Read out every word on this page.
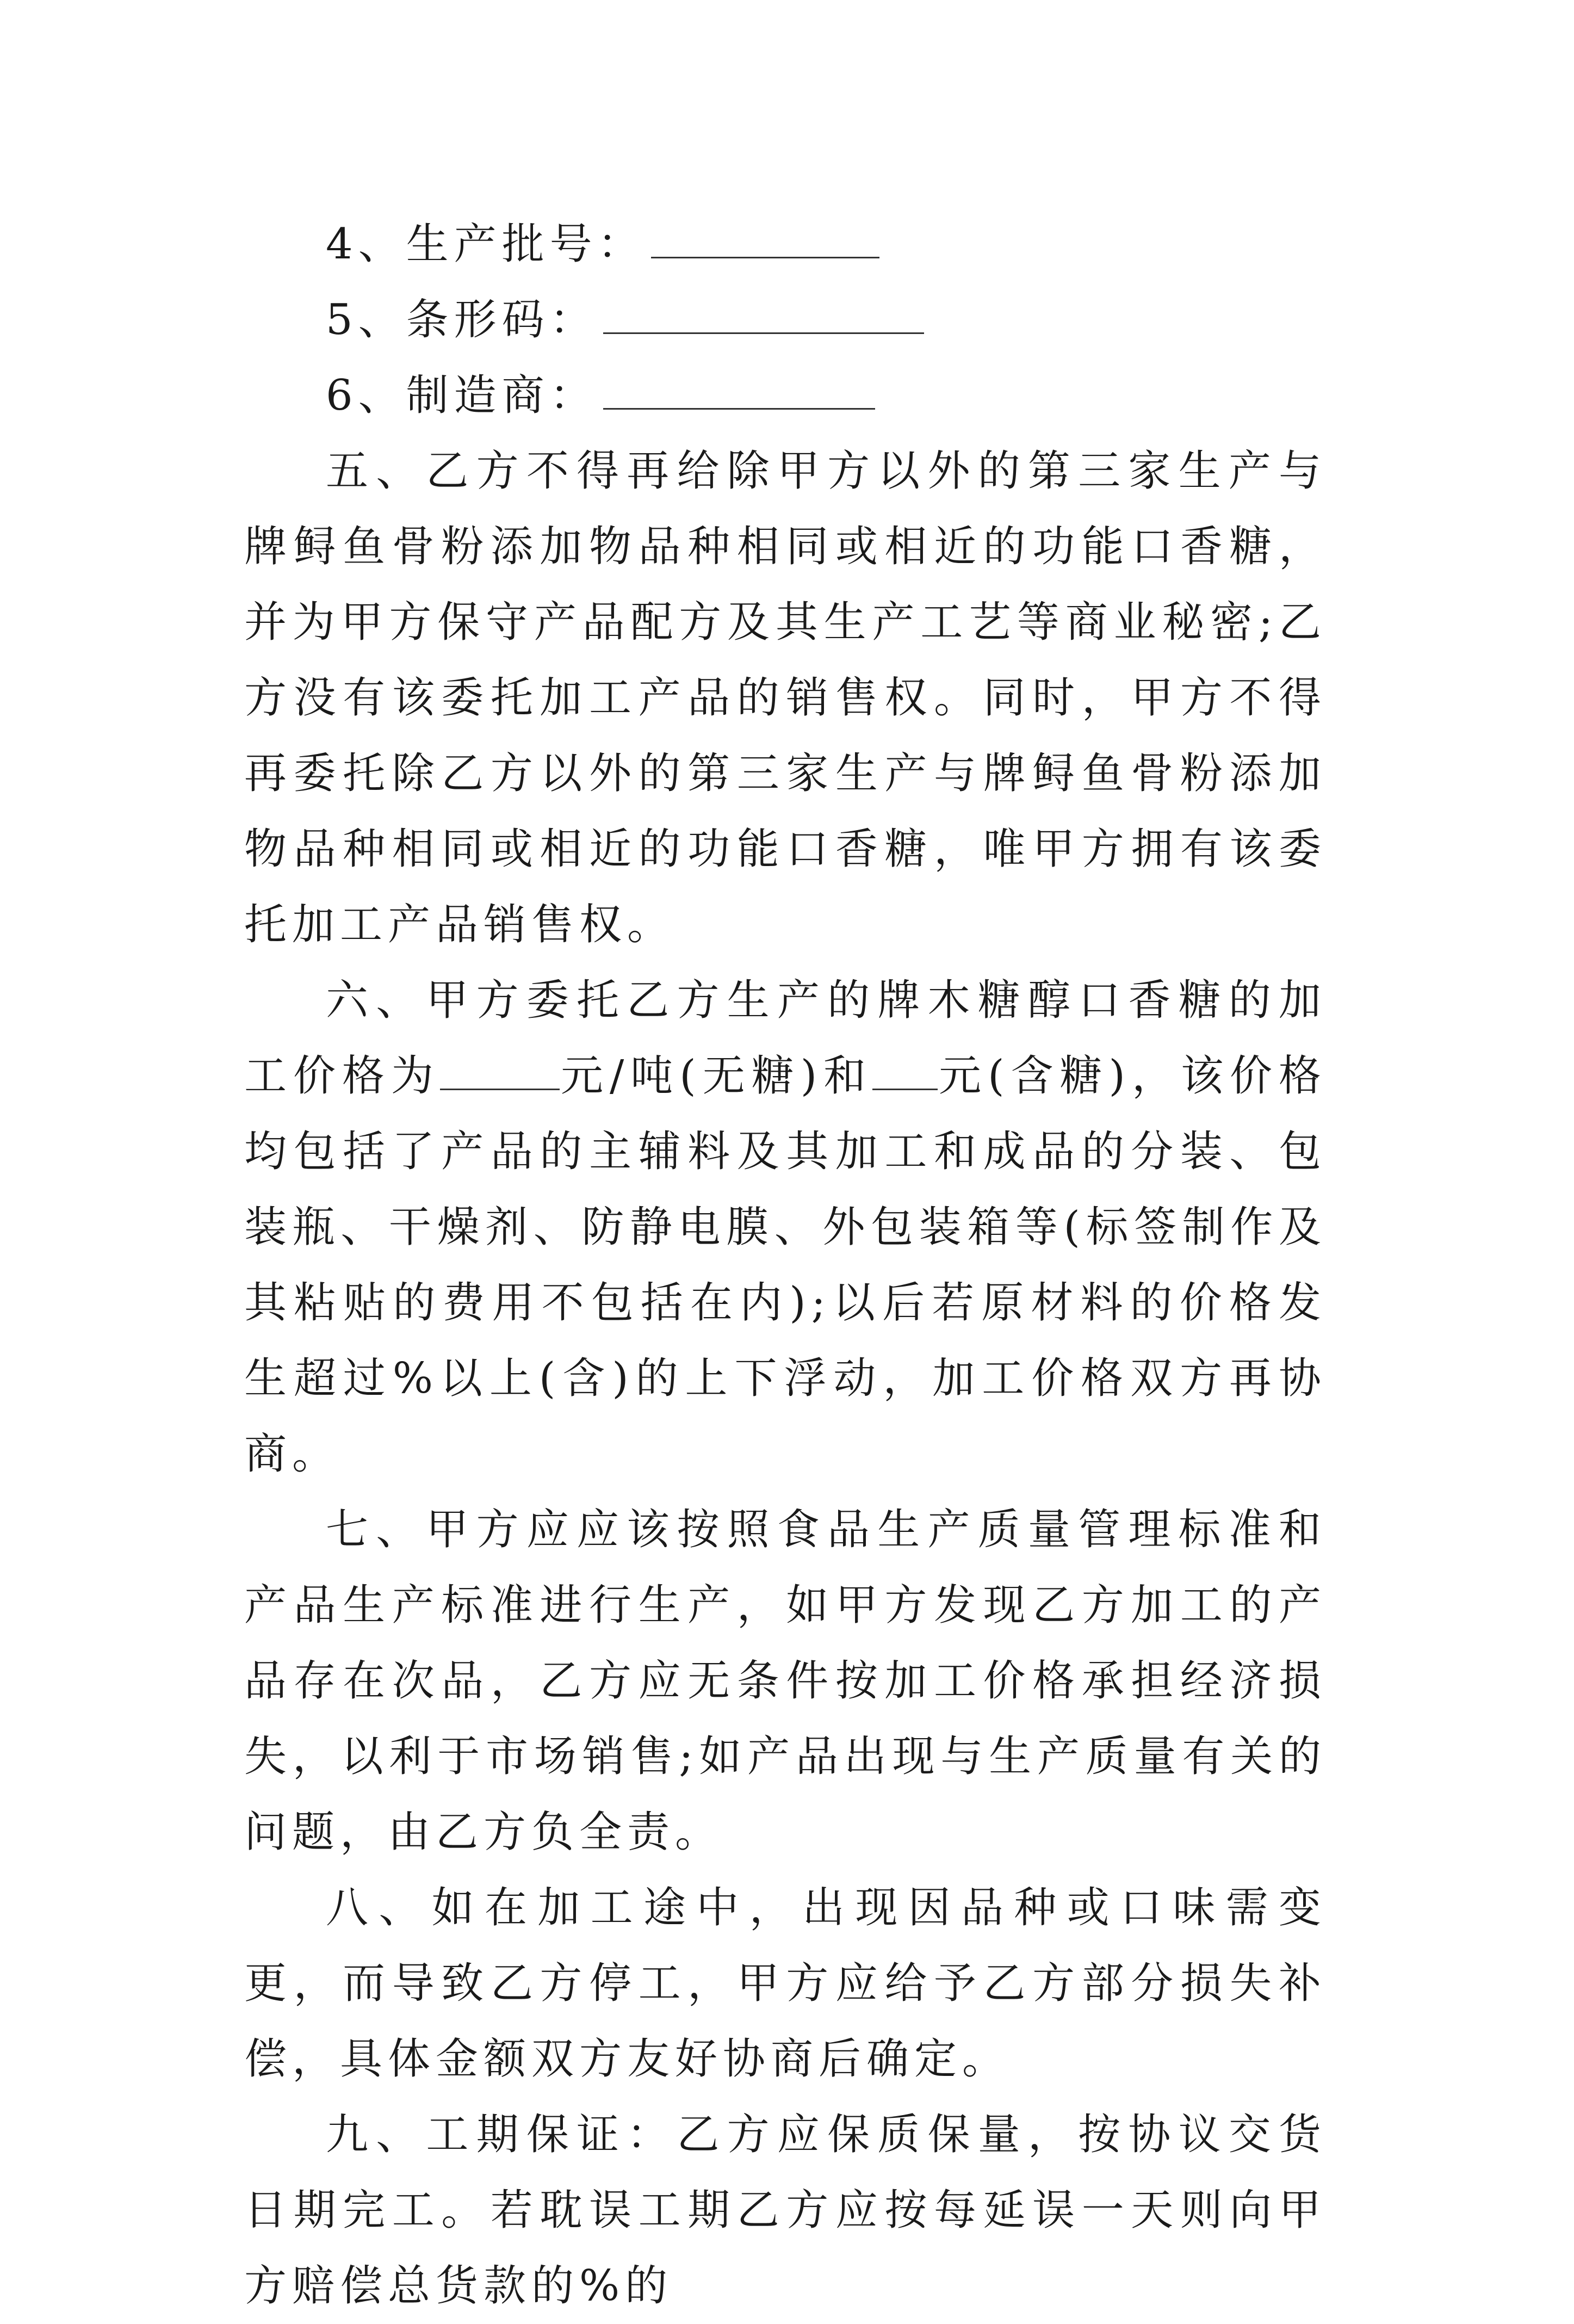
4、生产批号：

5、条形码：

6、制造商：

五、乙方不得再给除甲方以外的第三家生产与牌鲟鱼骨粉添加物品种相同或相近的功能口香糖，并为甲方保守产品配方及其生产工艺等商业秘密;乙方没有该委托加工产品的销售权。同时，甲方不得再委托除乙方以外的第三家生产与牌鲟鱼骨粉添加物品种相同或相近的功能口香糖，唯甲方拥有该委托加工产品销售权。

六、甲方委托乙方生产的牌木糖醇口香糖的加工价格为	元/吨(无糖)和 元(含糖)，该价格均包括了产品的主辅料及其加工和成品的分装、包装瓶、干燥剂、防静电膜、外包装箱等(标签制作及其粘贴的费用不包括在内);以后若原材料的价格发生超过%以上(含)的上下浮动，加工价格双方再协商。

七、甲方应应该按照食品生产质量管理标准和产品生产标准进行生产，如甲方发现乙方加工的产品存在次品，乙方应无条件按加工价格承担经济损失，以利于市场销售;如产品出现与生产质量有关的问题，由乙方负全责。

八、如在加工途中，出现因品种或口味需变更，而导致乙方停工，甲方应给予乙方部分损失补偿，具体金额双方友好协商后确定。

九、工期保证：乙方应保质保量，按协议交货日期完工。若耽误工期乙方应按每延误一天则向甲方赔偿总货款的%的
